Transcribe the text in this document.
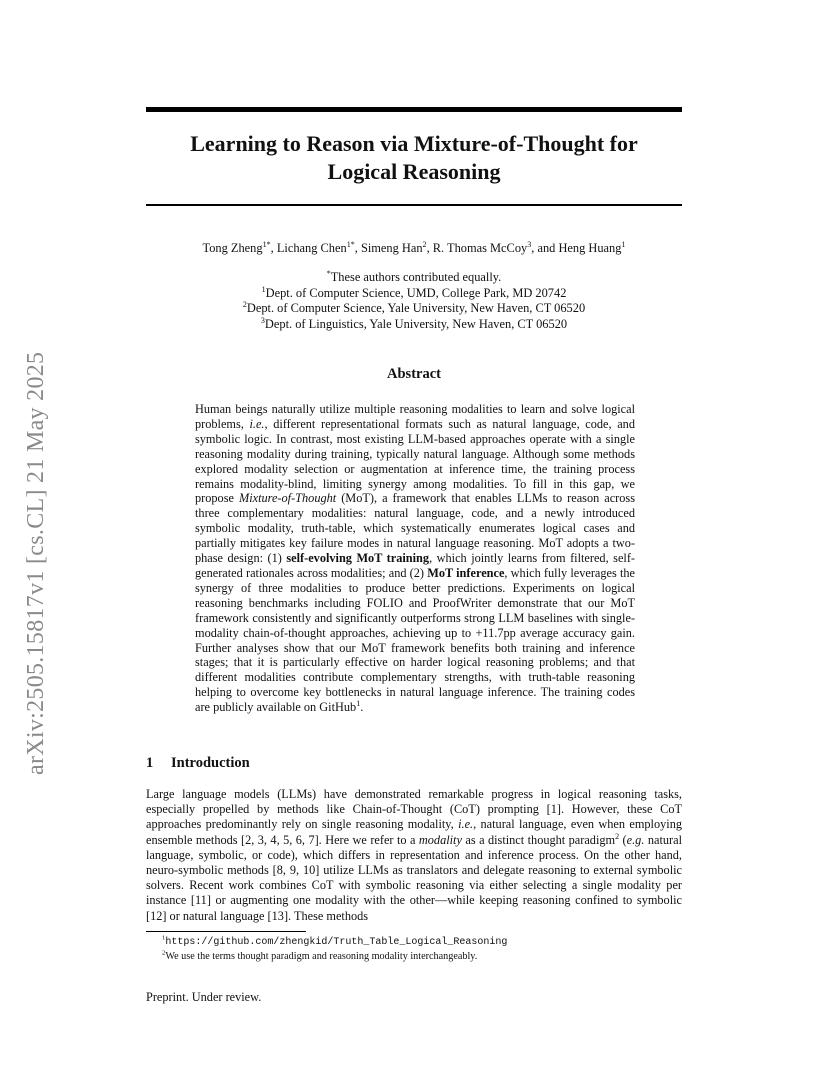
arXiv:2505.15817v1 [cs.CL] 21 May 2025
Learning to Reason via Mixture-of-Thought for
Logical Reasoning
Tong Zheng$^{1*}$, Lichang Chen$^{1*}$, Simeng Han$^2$, R. Thomas McCoy$^3$, and Heng Huang$^1$
*These authors contributed equally.
$^1$Dept. of Computer Science, UMD, College Park, MD 20742
$^2$Dept. of Computer Science, Yale University, New Haven, CT 06520
$^3$Dept. of Linguistics, Yale University, New Haven, CT 06520
Abstract
Human beings naturally utilize multiple reasoning modalities to learn and solve logical problems, i.e., different representational formats such as natural language, code, and symbolic logic. In contrast, most existing LLM-based approaches operate with a single reasoning modality during training, typically natural language. Although some methods explored modality selection or augmentation at inference time, the training process remains modality-blind, limiting synergy among modalities. To fill in this gap, we propose Mixture-of-Thought (MoT), a framework that enables LLMs to reason across three complementary modalities: natural language, code, and a newly introduced symbolic modality, truth-table, which systematically enumerates logical cases and partially mitigates key failure modes in natural language reasoning. MoT adopts a two-phase design: (1) self-evolving MoT training, which jointly learns from filtered, self-generated rationales across modalities; and (2) MoT inference, which fully leverages the synergy of three modalities to produce better predictions. Experiments on logical reasoning benchmarks including FOLIO and ProofWriter demonstrate that our MoT framework consistently and significantly outperforms strong LLM baselines with single-modality chain-of-thought approaches, achieving up to +11.7pp average accuracy gain. Further analyses show that our MoT framework benefits both training and inference stages; that it is particularly effective on harder logical reasoning problems; and that different modalities contribute complementary strengths, with truth-table reasoning helping to overcome key bottlenecks in natural language inference. The training codes are publicly available on GitHub$^1$.
1 Introduction
Large language models (LLMs) have demonstrated remarkable progress in logical reasoning tasks, especially propelled by methods like Chain-of-Thought (CoT) prompting [1]. However, these CoT approaches predominantly rely on single reasoning modality, i.e., natural language, even when employing ensemble methods [2, 3, 4, 5, 6, 7]. Here we refer to a modality as a distinct thought paradigm$^2$ (e.g. natural language, symbolic, or code), which differs in representation and inference process. On the other hand, neuro-symbolic methods [8, 9, 10] utilize LLMs as translators and delegate reasoning to external symbolic solvers. Recent work combines CoT with symbolic reasoning via either selecting a single modality per instance [11] or augmenting one modality with the other—while keeping reasoning confined to symbolic [12] or natural language [13]. These methods
$^1$https://github.com/zhengkid/Truth_Table_Logical_Reasoning
$^2$We use the terms thought paradigm and reasoning modality interchangeably.
Preprint. Under review.
